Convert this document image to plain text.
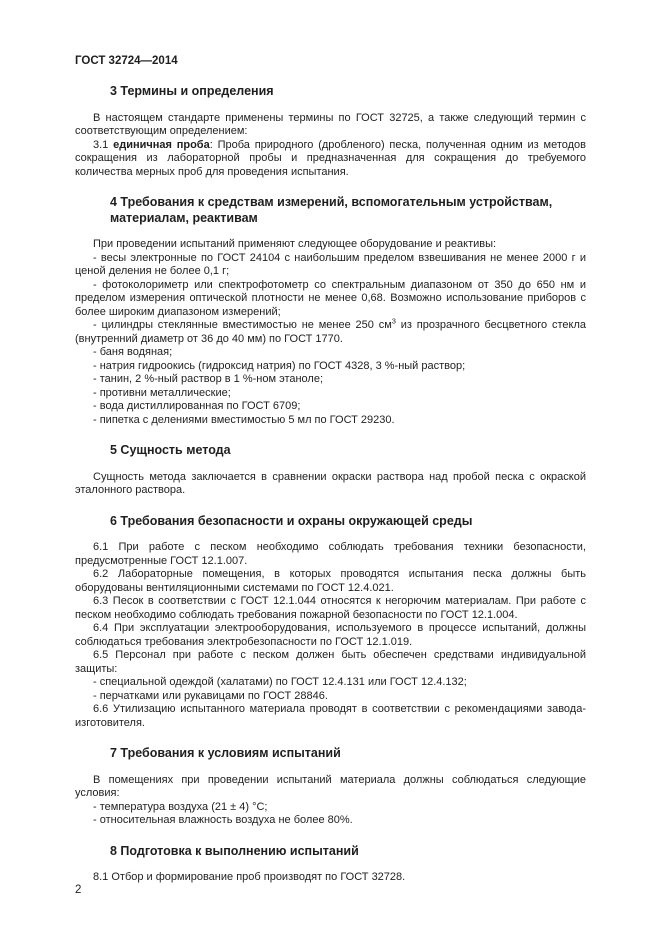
ГОСТ 32724—2014
3 Термины и определения

В настоящем стандарте применены термины по ГОСТ 32725, а также следующий термин с соответствующим определением:

3.1 единичная проба: Проба природного (дробленого) песка, полученная одним из методов сокращения из лабораторной пробы и предназначенная для сокращения до требуемого количества мерных проб для проведения испытания.

4 Требования к средствам измерений, вспомогательным устройствам, материалам, реактивам

При проведении испытаний применяют следующее оборудование и реактивы:

- весы электронные по ГОСТ 24104 с наибольшим пределом взвешивания не менее 2000 г и ценой деления не более 0,1 г;

- фотоколориметр или спектрофотометр со спектральным диапазоном от 350 до 650 нм и пределом измерения оптической плотности не менее 0,68. Возможно использование приборов с более широким диапазоном измерений;

- цилиндры стеклянные вместимостью не менее 250 $см^3$ из прозрачного бесцветного стекла (внутренний диаметр от 36 до 40 мм) по ГОСТ 1770.

- баня водяная;

- натрия гидроокись (гидроксид натрия) по ГОСТ 4328, 3 %-ный раствор;

- танин, 2 %-ный раствор в 1 %-ном этаноле;

- противни металлические;

- вода дистиллированная по ГОСТ 6709;

- пипетка с делениями вместимостью 5 мл по ГОСТ 29230.

5 Сущность метода

Сущность метода заключается в сравнении окраски раствора над пробой песка с окраской эталонного раствора.

6 Требования безопасности и охраны окружающей среды

6.1 При работе с песком необходимо соблюдать требования техники безопасности, предусмотренные ГОСТ 12.1.007.

6.2 Лабораторные помещения, в которых проводятся испытания песка должны быть оборудованы вентиляционными системами по ГОСТ 12.4.021.

6.3 Песок в соответствии с ГОСТ 12.1.044 относятся к негорючим материалам. При работе с песком необходимо соблюдать требования пожарной безопасности по ГОСТ 12.1.004.

6.4 При эксплуатации электрооборудования, используемого в процессе испытаний, должны соблюдаться требования электробезопасности по ГОСТ 12.1.019.

6.5 Персонал при работе с песком должен быть обеспечен средствами индивидуальной защиты:

- специальной одеждой (халатами) по ГОСТ 12.4.131 или ГОСТ 12.4.132;

- перчатками или рукавицами по ГОСТ 28846.

6.6 Утилизацию испытанного материала проводят в соответствии с рекомендациями завода-изготовителя.

7 Требования к условиям испытаний

В помещениях при проведении испытаний материала должны соблюдаться следующие условия:

- температура воздуха (21 ± 4) °С;

- относительная влажность воздуха не более 80%.

8 Подготовка к выполнению испытаний

8.1 Отбор и формирование проб производят по ГОСТ 32728.

2
